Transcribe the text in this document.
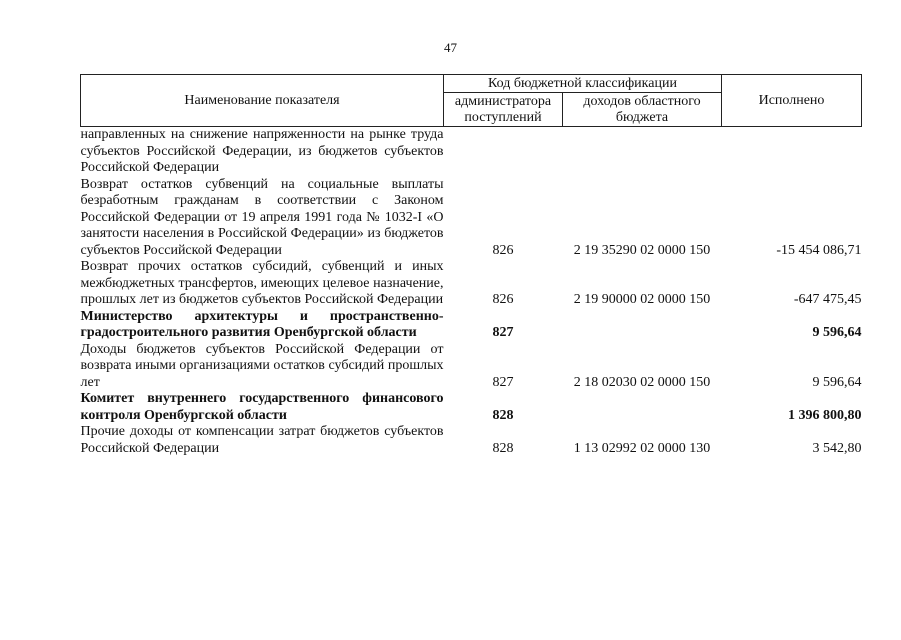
47
Наименование показателя	Код бюджетной классификации		Исполнено
	администратора поступлений	доходов областного бюджета	
направленных на снижение напряженности на рынке труда субъектов Российской Федерации, из бюджетов субъектов Российской Федерации			
Возврат остатков субвенций на социальные выплаты безработным гражданам в соответствии с Законом Российской Федерации от 19 апреля 1991 года № 1032-I «О занятости населения в Российской Федерации» из бюджетов субъектов Российской Федерации	826	2 19 35290 02 0000 150	-15 454 086,71
Возврат прочих остатков субсидий, субвенций и иных межбюджетных трансфертов, имеющих целевое назначение, прошлых лет из бюджетов субъектов Российской Федерации	826	2 19 90000 02 0000 150	-647 475,45
Министерство архитектуры и пространственно-градостроительного развития Оренбургской области	827		9 596,64
Доходы бюджетов субъектов Российской Федерации от возврата иными организациями остатков субсидий прошлых лет	827	2 18 02030 02 0000 150	9 596,64
Комитет внутреннего государственного финансового контроля Оренбургской области	828		1 396 800,80
Прочие доходы от компенсации затрат бюджетов субъектов Российской Федерации	828	1 13 02992 02 0000 130	3 542,80
